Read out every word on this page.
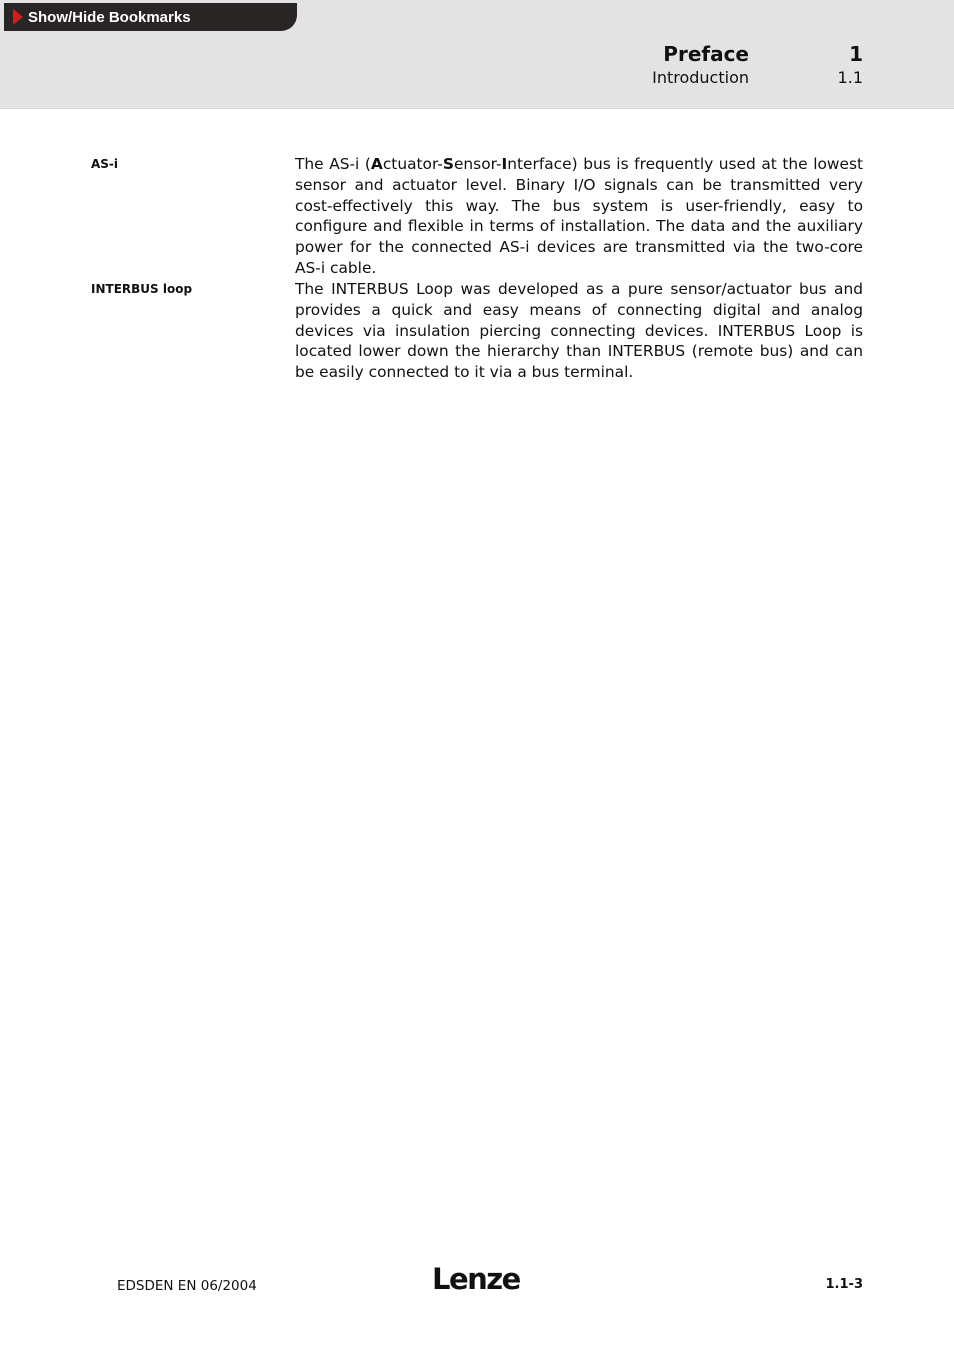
Show/Hide Bookmarks
Preface	1
Introduction	1.1
AS-i	The AS-i (Actuator-Sensor-Interface) bus is frequently used at the lowest sensor and actuator level. Binary I/O signals can be transmitted very cost-effectively this way. The bus system is user-friendly, easy to configure and flexible in terms of installation. The data and the auxiliary power for the connected AS-i devices are transmitted via the two-core AS-i cable.
INTERBUS loop	The INTERBUS Loop was developed as a pure sensor/actuator bus and provides a quick and easy means of connecting digital and analog devices via insulation piercing connecting devices. INTERBUS Loop is located lower down the hierarchy than INTERBUS (remote bus) and can be easily connected to it via a bus terminal.
EDSDEN EN 06/2004	Lenze	1.1-3
